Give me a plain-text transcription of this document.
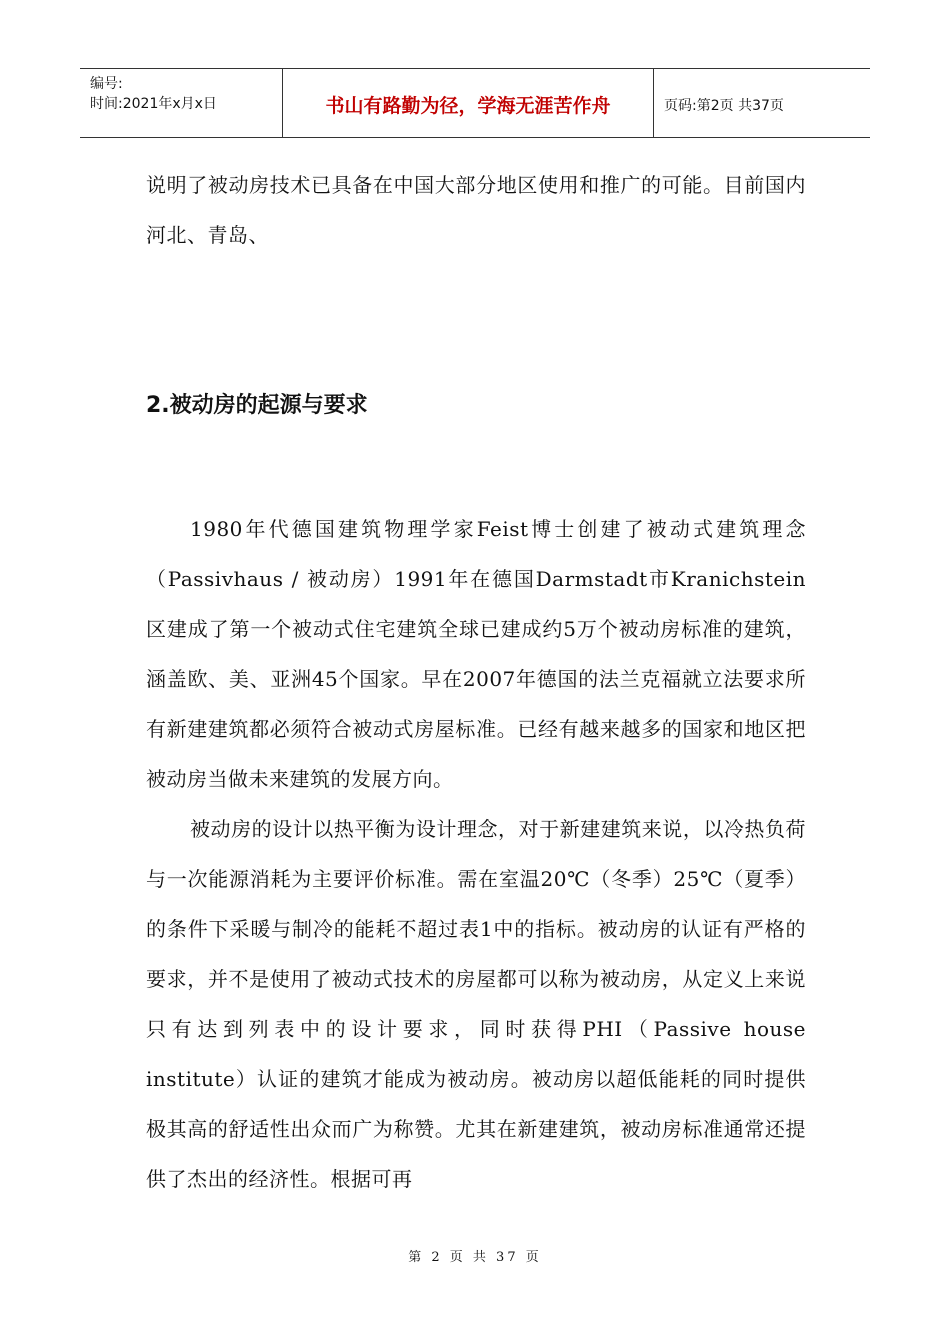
编号:
时间:2021年x月x日	书山有路勤为径，学海无涯苦作舟	页码:第2页 共37页
说明了被动房技术已具备在中国大部分地区使用和推广的可能。目前国内河北、青岛、
2.被动房的起源与要求
1980年代德国建筑物理学家Feist博士创建了被动式建筑理念（Passivhaus / 被动房）1991年在德国Darmstadt市Kranichstein区建成了第一个被动式住宅建筑全球已建成约5万个被动房标准的建筑，涵盖欧、美、亚洲45个国家。早在2007年德国的法兰克福就立法要求所有新建建筑都必须符合被动式房屋标准。已经有越来越多的国家和地区把被动房当做未来建筑的发展方向。
被动房的设计以热平衡为设计理念，对于新建建筑来说，以冷热负荷与一次能源消耗为主要评价标准。需在室温20℃（冬季）25℃（夏季）的条件下采暖与制冷的能耗不超过表1中的指标。被动房的认证有严格的要求，并不是使用了被动式技术的房屋都可以称为被动房，从定义上来说只有达到列表中的设计要求，同时获得PHI（Passive house institute）认证的建筑才能成为被动房。被动房以超低能耗的同时提供极其高的舒适性出众而广为称赞。尤其在新建建筑，被动房标准通常还提供了杰出的经济性。根据可再
第 2 页 共 37 页
